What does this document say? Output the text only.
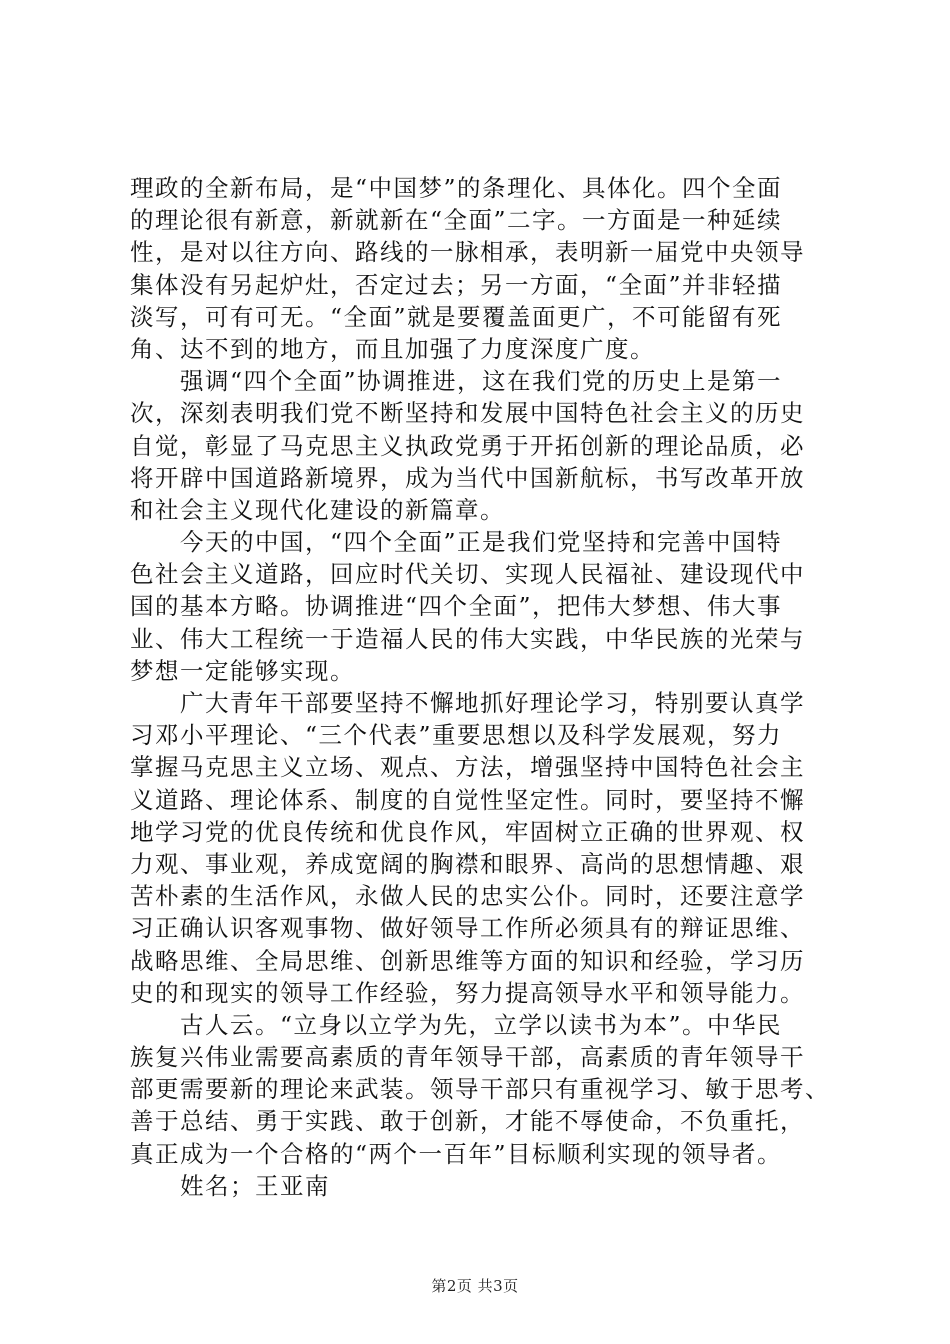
理政的全新布局，是“中国梦”的条理化、具体化。四个全面
的理论很有新意，新就新在“全面”二字。一方面是一种延续
性，是对以往方向、路线的一脉相承，表明新一届党中央领导
集体没有另起炉灶，否定过去；另一方面，“全面”并非轻描
淡写，可有可无。“全面”就是要覆盖面更广，不可能留有死
角、达不到的地方，而且加强了力度深度广度。
强调“四个全面”协调推进，这在我们党的历史上是第一
次，深刻表明我们党不断坚持和发展中国特色社会主义的历史
自觉，彰显了马克思主义执政党勇于开拓创新的理论品质，必
将开辟中国道路新境界，成为当代中国新航标，书写改革开放
和社会主义现代化建设的新篇章。
今天的中国，“四个全面”正是我们党坚持和完善中国特
色社会主义道路，回应时代关切、实现人民福祉、建设现代中
国的基本方略。协调推进“四个全面”，把伟大梦想、伟大事
业、伟大工程统一于造福人民的伟大实践，中华民族的光荣与
梦想一定能够实现。
广大青年干部要坚持不懈地抓好理论学习，特别要认真学
习邓小平理论、“三个代表”重要思想以及科学发展观，努力
掌握马克思主义立场、观点、方法，增强坚持中国特色社会主
义道路、理论体系、制度的自觉性坚定性。同时，要坚持不懈
地学习党的优良传统和优良作风，牢固树立正确的世界观、权
力观、事业观，养成宽阔的胸襟和眼界、高尚的思想情趣、艰
苦朴素的生活作风，永做人民的忠实公仆。同时，还要注意学
习正确认识客观事物、做好领导工作所必须具有的辩证思维、
战略思维、全局思维、创新思维等方面的知识和经验，学习历
史的和现实的领导工作经验，努力提高领导水平和领导能力。
古人云。“立身以立学为先，立学以读书为本”。中华民
族复兴伟业需要高素质的青年领导干部，高素质的青年领导干
部更需要新的理论来武装。领导干部只有重视学习、敏于思考、
善于总结、勇于实践、敢于创新，才能不辱使命，不负重托，
真正成为一个合格的“两个一百年”目标顺利实现的领导者。
姓名；王亚南
第2页 共3页
